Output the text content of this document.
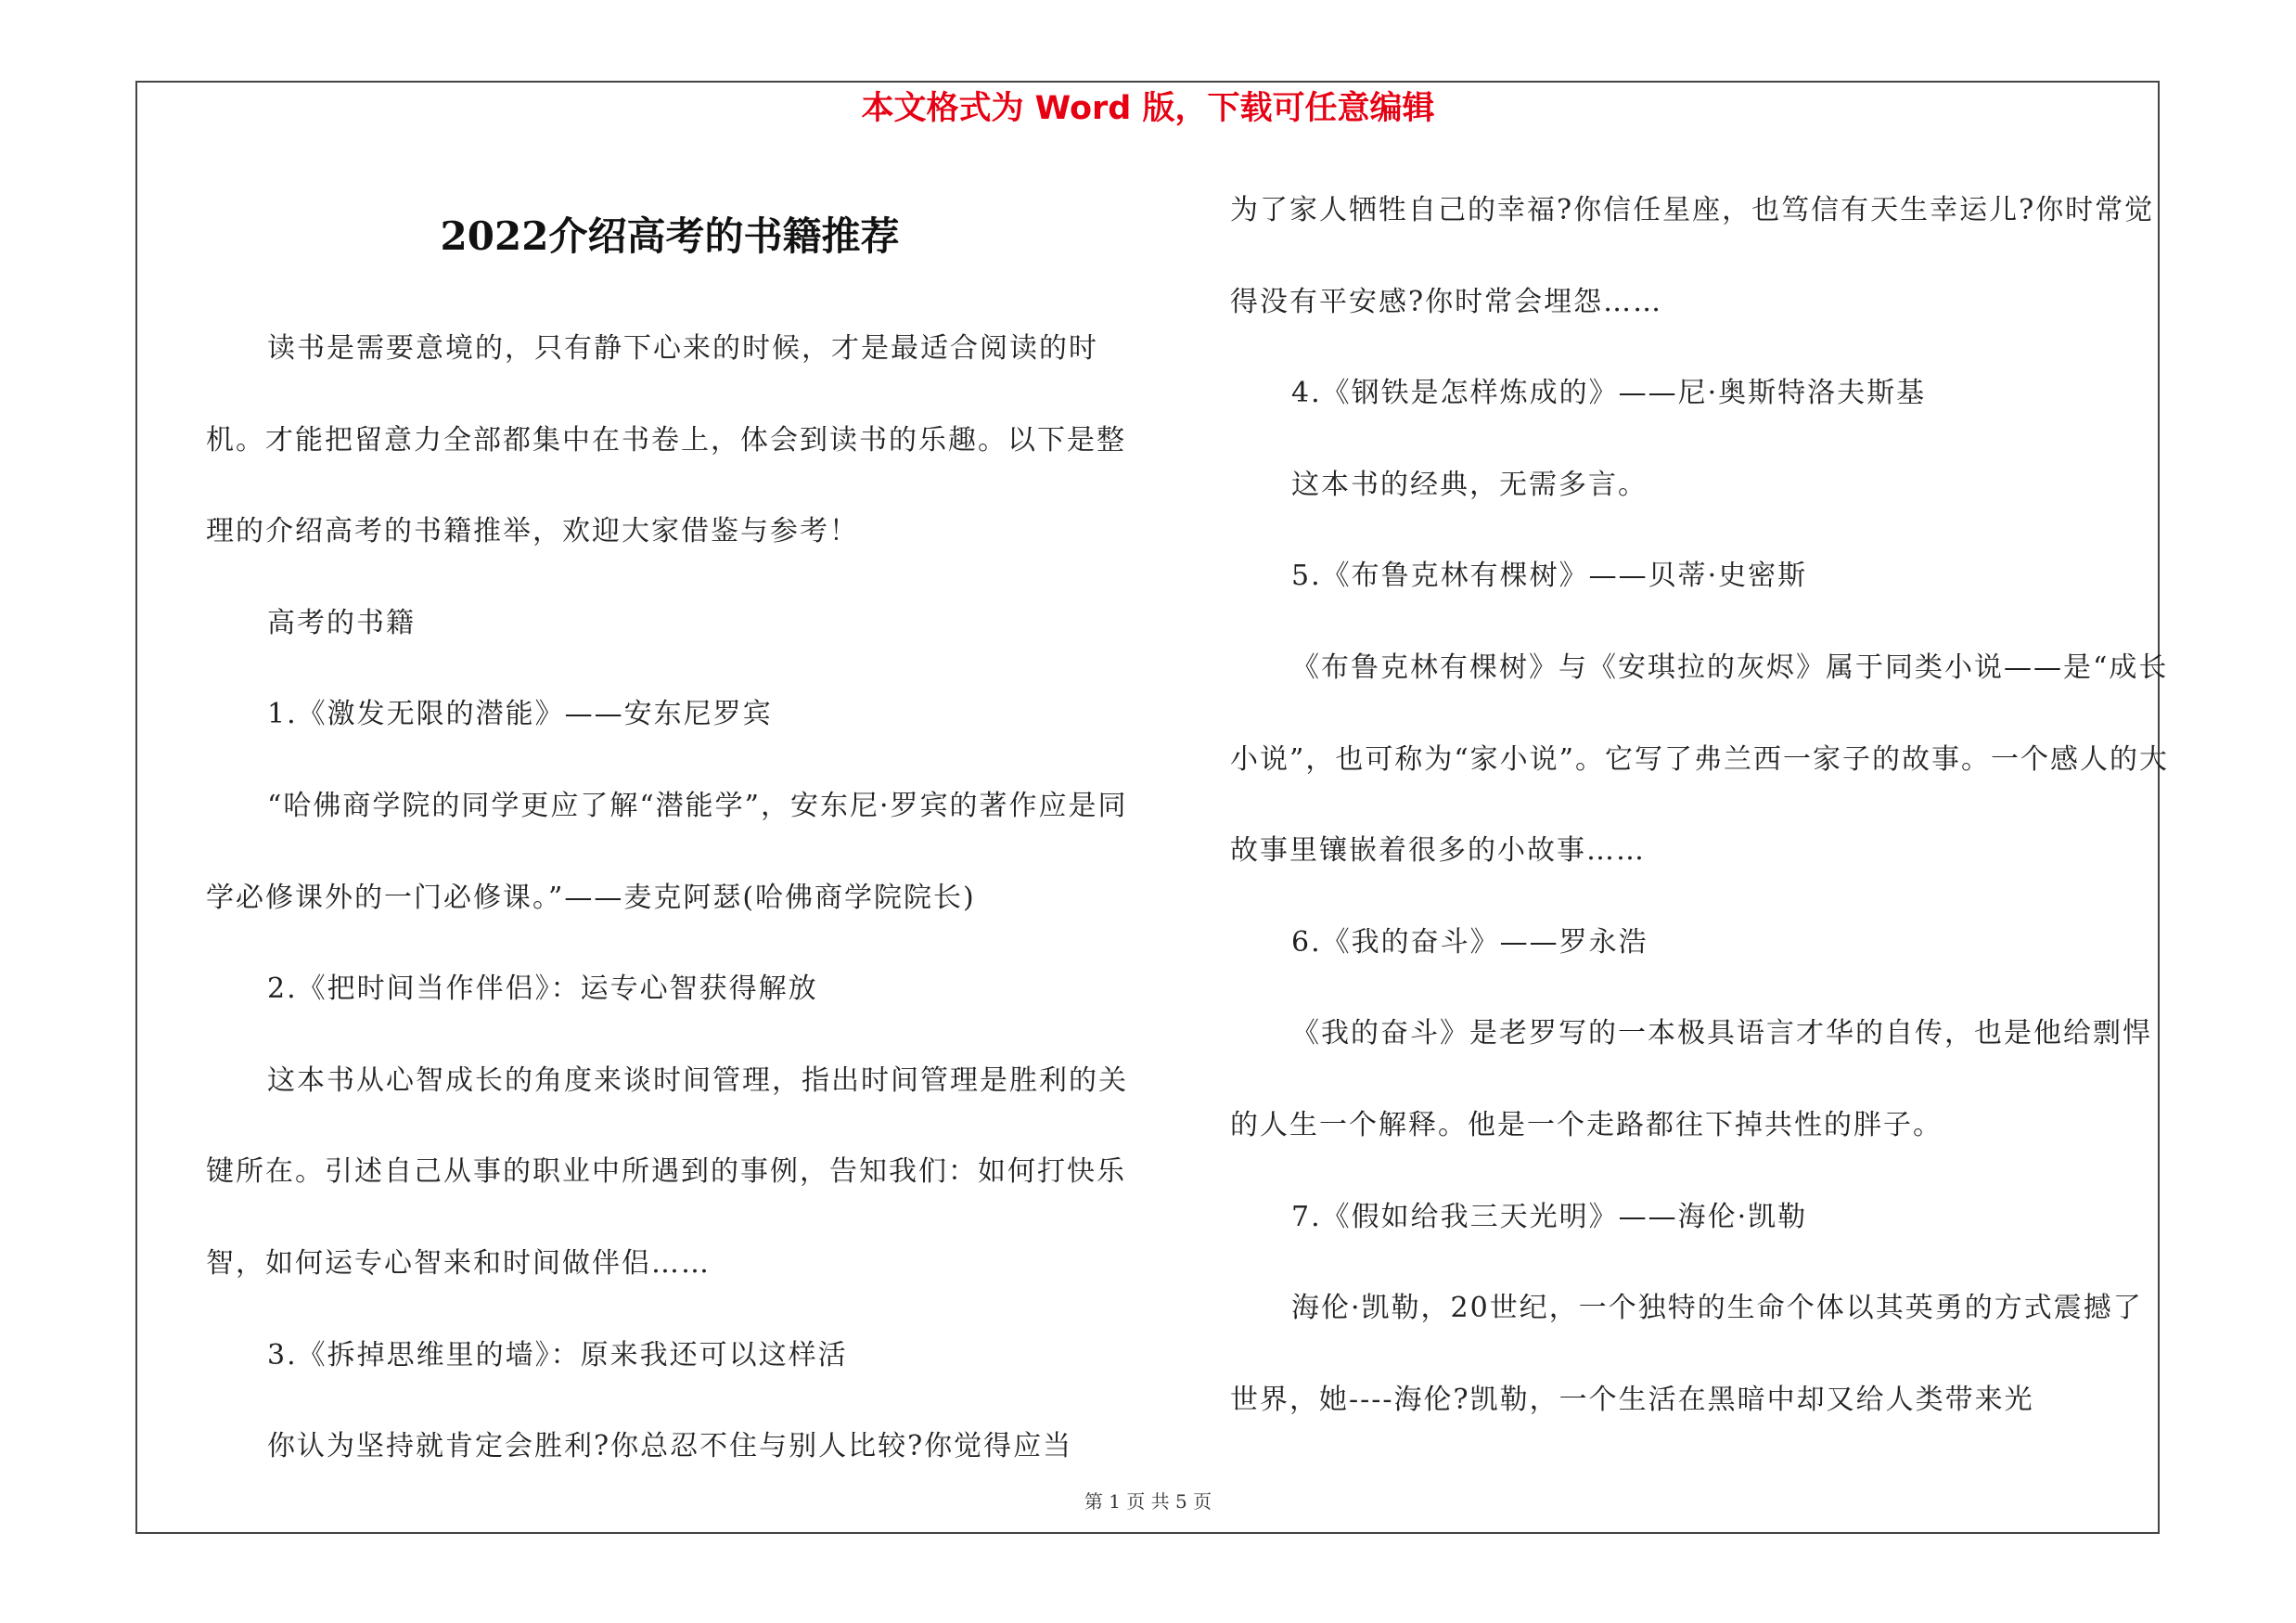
本文格式为 Word 版，下载可任意编辑
2022介绍高考的书籍推荐

读书是需要意境的，只有静下心来的时候，才是最适合阅读的时机。才能把留意力全部都集中在书卷上，体会到读书的乐趣。以下是整理的介绍高考的书籍推举，欢迎大家借鉴与参考！

高考的书籍

1.《激发无限的潜能》——安东尼罗宾

“哈佛商学院的同学更应了解“潜能学”，安东尼·罗宾的著作应是同学必修课外的一门必修课。”——麦克阿瑟(哈佛商学院院长)

2.《把时间当作伴侣》：运专心智获得解放

这本书从心智成长的角度来谈时间管理，指出时间管理是胜利的关键所在。引述自己从事的职业中所遇到的事例，告知我们：如何打快乐智，如何运专心智来和时间做伴侣……

3.《拆掉思维里的墙》：原来我还可以这样活

你认为坚持就肯定会胜利?你总忍不住与别人比较?你觉得应当

为了家人牺牲自己的幸福?你信任星座，也笃信有天生幸运儿?你时常觉得没有平安感?你时常会埋怨……

4.《钢铁是怎样炼成的》——尼·奥斯特洛夫斯基

这本书的经典，无需多言。

5.《布鲁克林有棵树》——贝蒂·史密斯

《布鲁克林有棵树》与《安琪拉的灰烬》属于同类小说——是“成长小说”，也可称为“家小说”。它写了弗兰西一家子的故事。一个感人的大故事里镶嵌着很多的小故事……

6.《我的奋斗》——罗永浩

《我的奋斗》是老罗写的一本极具语言才华的自传，也是他给剽悍的人生一个解释。他是一个走路都往下掉共性的胖子。

7.《假如给我三天光明》——海伦·凯勒

海伦·凯勒，20世纪，一个独特的生命个体以其英勇的方式震撼了世界，她----海伦?凯勒，一个生活在黑暗中却又给人类带来光

第 1 页 共 5 页
